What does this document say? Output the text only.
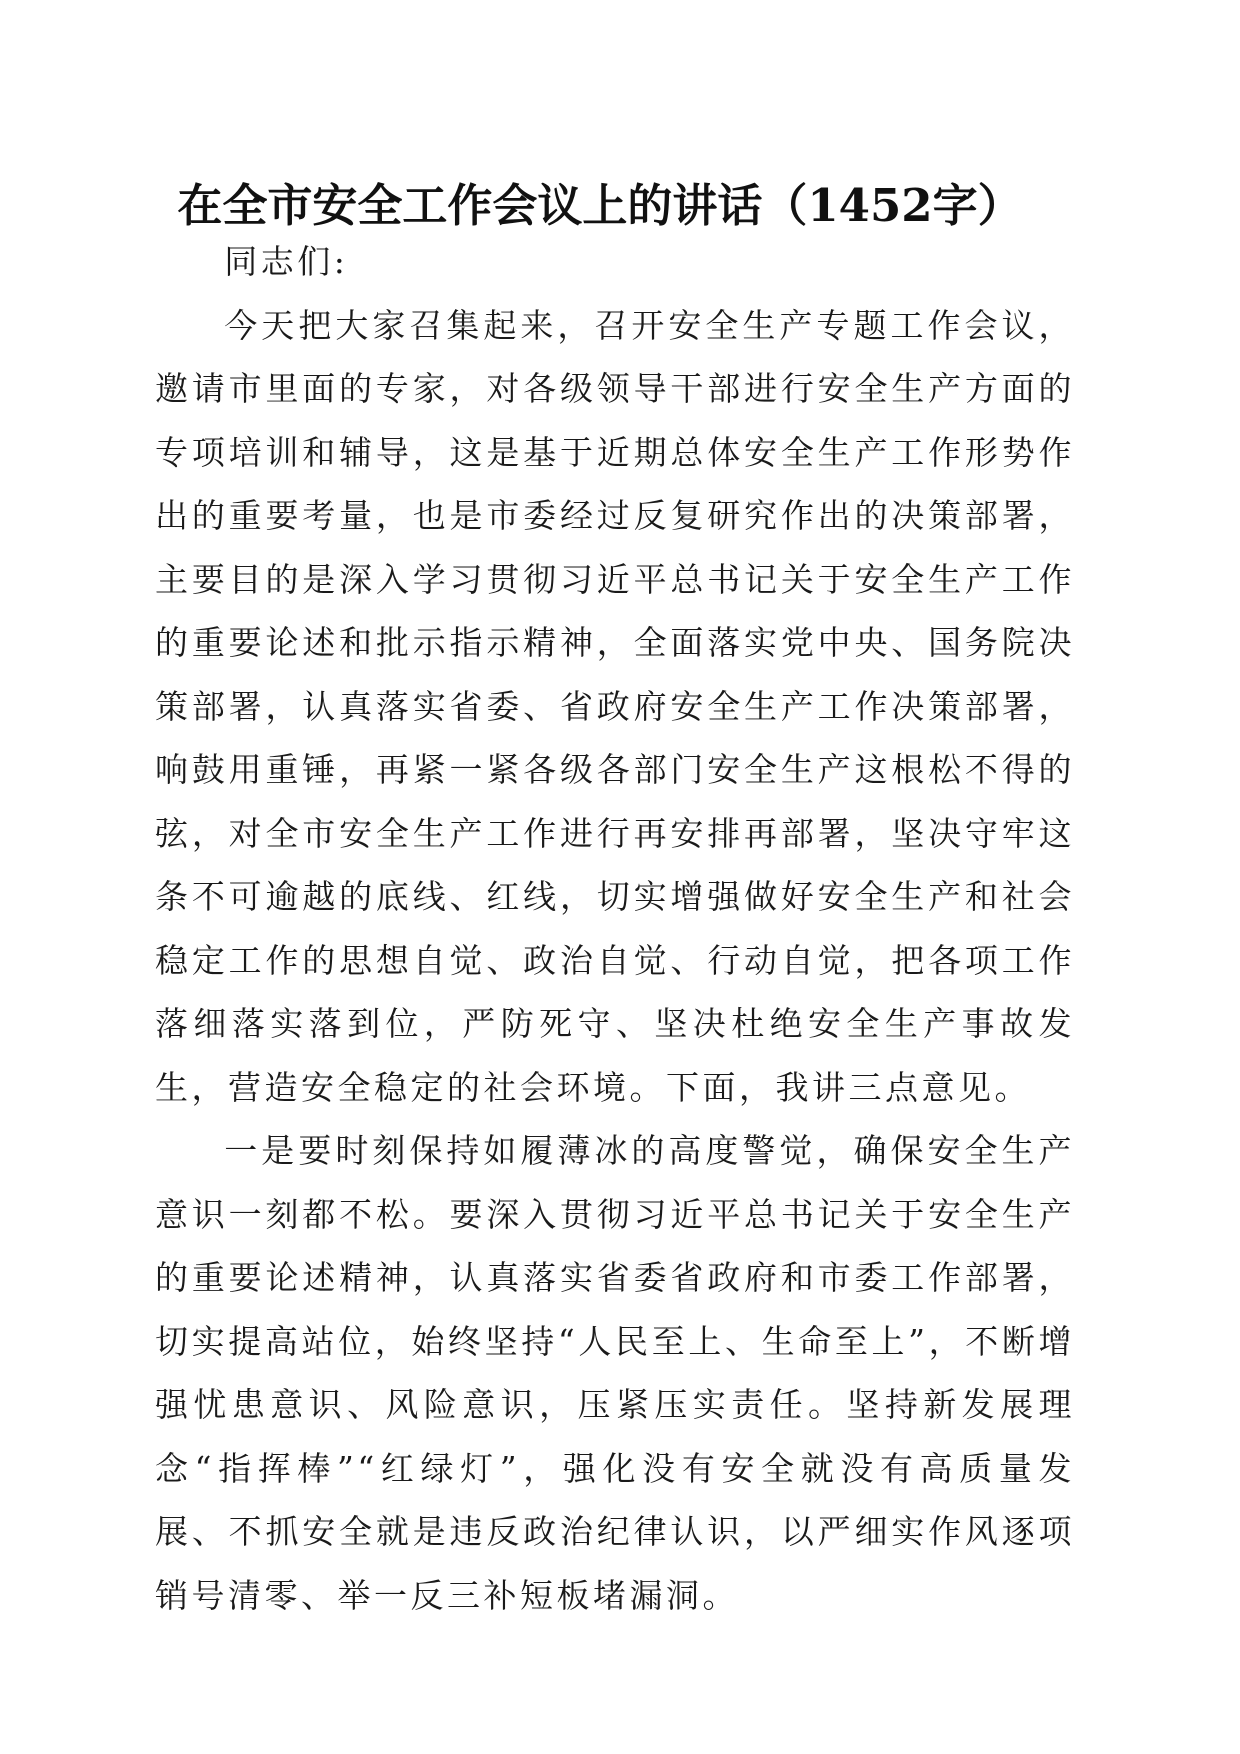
在全市安全工作会议上的讲话（1452字）

同志们:

今天把大家召集起来，召开安全生产专题工作会议，邀请市里面的专家，对各级领导干部进行安全生产方面的专项培训和辅导，这是基于近期总体安全生产工作形势作出的重要考量，也是市委经过反复研究作出的决策部署，主要目的是深入学习贯彻习近平总书记关于安全生产工作的重要论述和批示指示精神，全面落实党中央、国务院决策部署，认真落实省委、省政府安全生产工作决策部署，响鼓用重锤，再紧一紧各级各部门安全生产这根松不得的弦，对全市安全生产工作进行再安排再部署，坚决守牢这条不可逾越的底线、红线，切实增强做好安全生产和社会稳定工作的思想自觉、政治自觉、行动自觉，把各项工作落细落实落到位，严防死守、坚决杜绝安全生产事故发生，营造安全稳定的社会环境。下面，我讲三点意见。

一是要时刻保持如履薄冰的高度警觉，确保安全生产意识一刻都不松。要深入贯彻习近平总书记关于安全生产的重要论述精神，认真落实省委省政府和市委工作部署，切实提高站位，始终坚持“人民至上、生命至上”，不断增强忧患意识、风险意识，压紧压实责任。坚持新发展理念“指挥棒”“红绿灯”，强化没有安全就没有高质量发展、不抓安全就是违反政治纪律认识，以严细实作风逐项销号清零、举一反三补短板堵漏洞。
